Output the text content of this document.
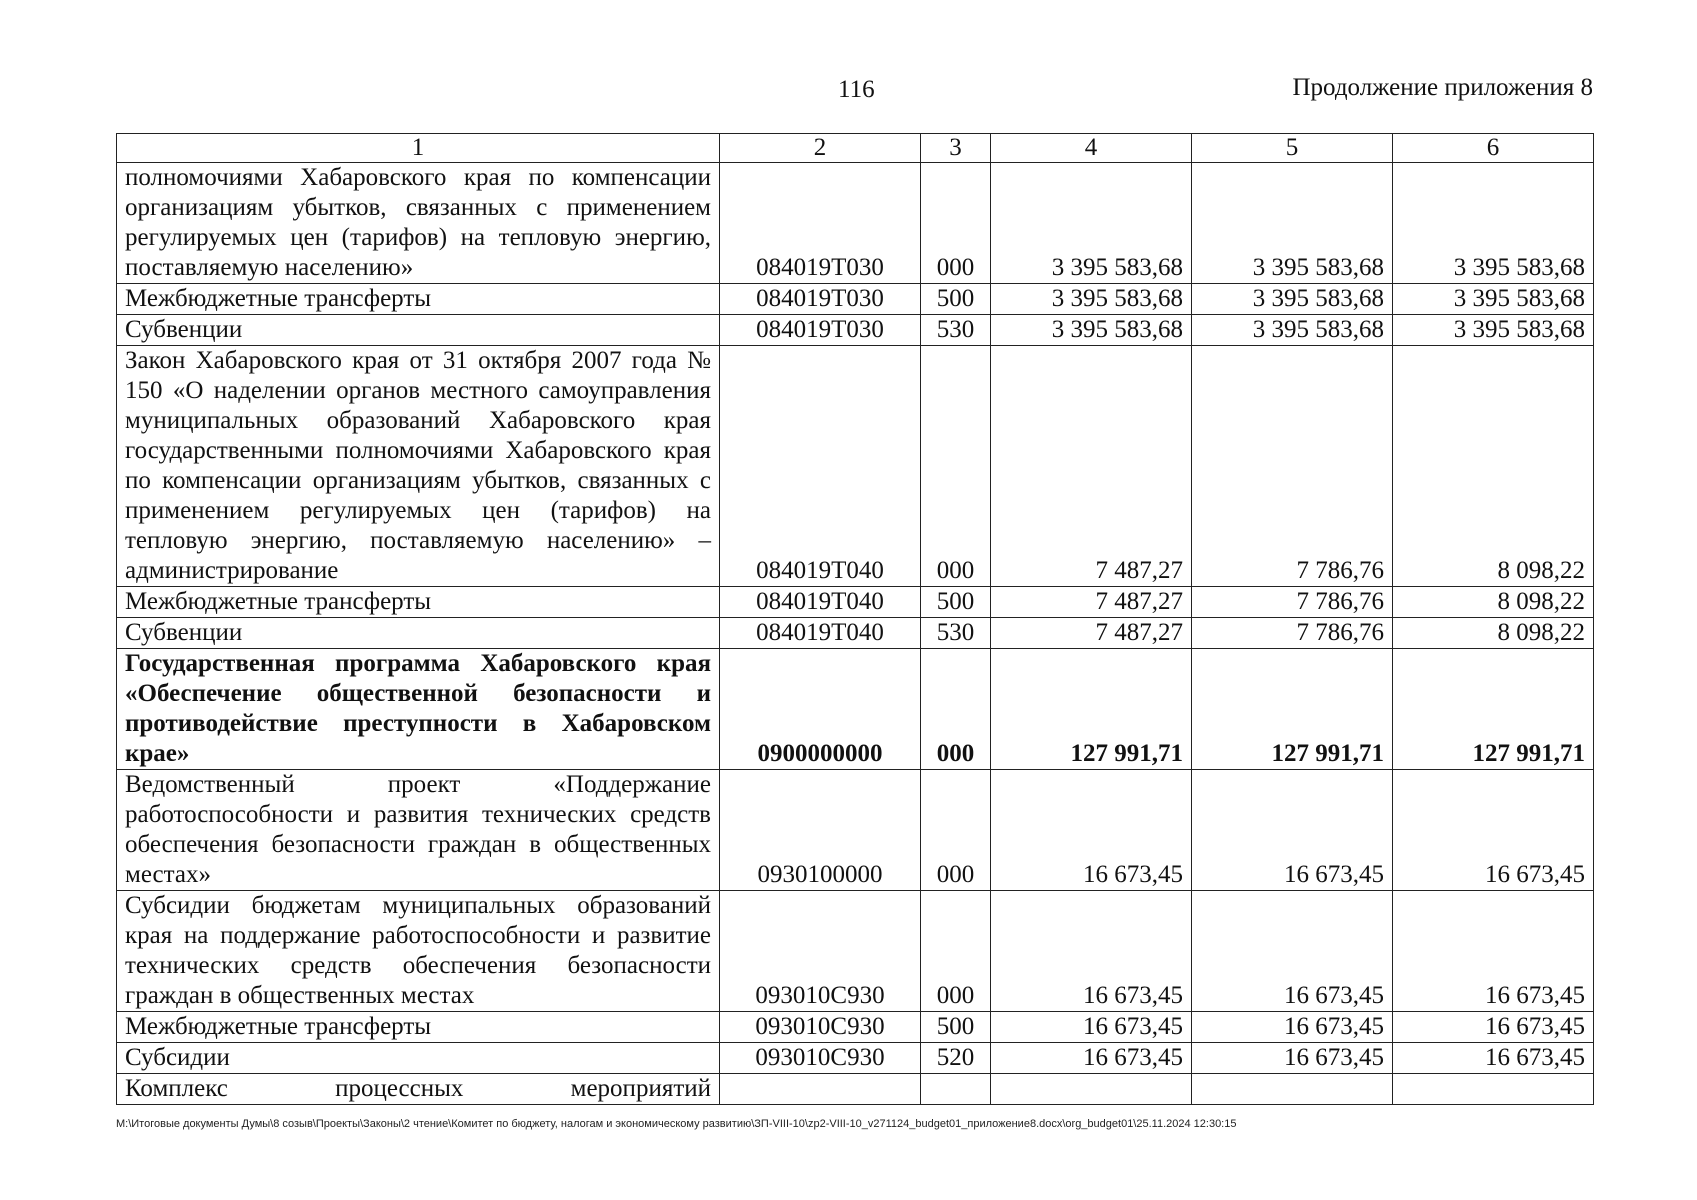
116	Продолжение приложения 8
1	2	3	4	5	6
полномочиями Хабаровского края по компенсации организациям убытков, связанных с применением регулируемых цен (тарифов) на тепловую энергию, поставляемую населению»	084019Т030	000	3 395 583,68	3 395 583,68	3 395 583,68
Межбюджетные трансферты	084019Т030	500	3 395 583,68	3 395 583,68	3 395 583,68
Субвенции	084019Т030	530	3 395 583,68	3 395 583,68	3 395 583,68
Закон Хабаровского края от 31 октября 2007 года № 150 «О наделении органов местного самоуправления муниципальных образований Хабаровского края государственными полномочиями Хабаровского края по компенсации организациям убытков, связанных с применением регулируемых цен (тарифов) на тепловую энергию, поставляемую населению» – администрирование	084019Т040	000	7 487,27	7 786,76	8 098,22
Межбюджетные трансферты	084019Т040	500	7 487,27	7 786,76	8 098,22
Субвенции	084019Т040	530	7 487,27	7 786,76	8 098,22
Государственная программа Хабаровского края «Обеспечение общественной безопасности и противодействие преступности в Хабаровском крае»	0900000000	000	127 991,71	127 991,71	127 991,71
Ведомственный проект «Поддержание работоспособности и развития технических средств обеспечения безопасности граждан в общественных местах»	0930100000	000	16 673,45	16 673,45	16 673,45
Субсидии бюджетам муниципальных образований края на поддержание работоспособности и развитие технических средств обеспечения безопасности граждан в общественных местах	093010С930	000	16 673,45	16 673,45	16 673,45
Межбюджетные трансферты	093010С930	500	16 673,45	16 673,45	16 673,45
Субсидии	093010С930	520	16 673,45	16 673,45	16 673,45
Комплекс процессных мероприятий					
M:\Итоговые документы Думы\8 созыв\Проекты\Законы\2 чтение\Комитет по бюджету, налогам и экономическому развитию\ЗП-VIII-10\zp2-VIII-10_v271124_budget01_приложение8.docx\org_budget01\25.11.2024 12:30:15
